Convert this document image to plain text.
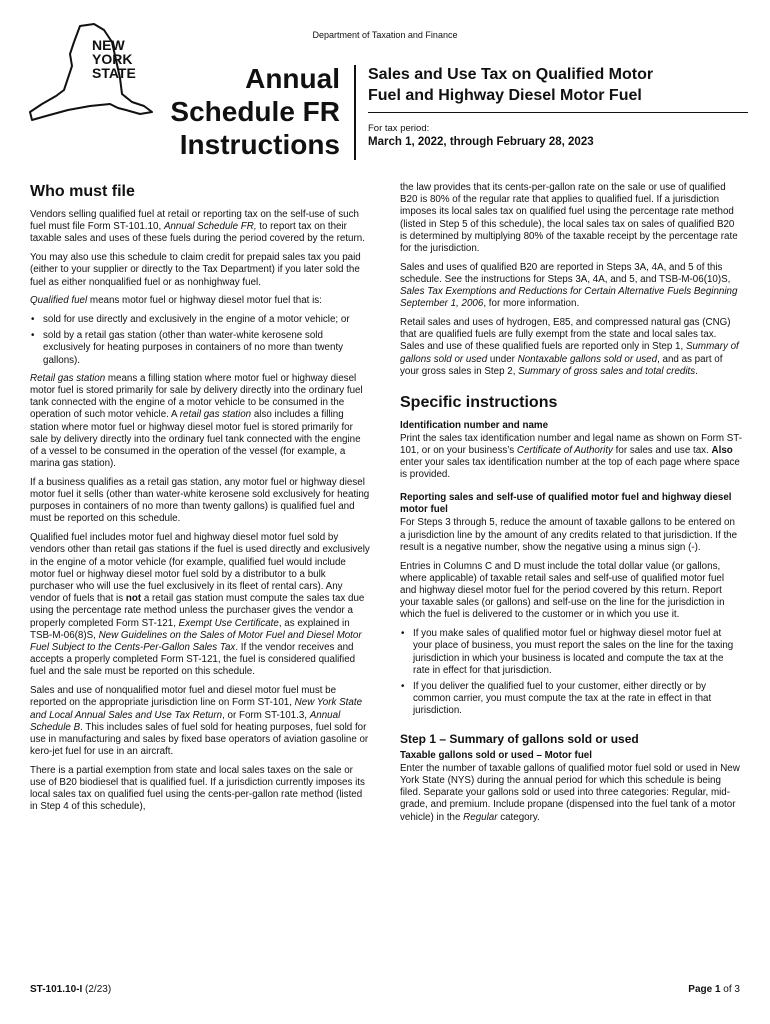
Department of Taxation and Finance
NEW
YORK
STATE	Annual
Schedule FR
Instructions
Sales and Use Tax on Qualified Motor
Fuel and Highway Diesel Motor Fuel
For tax period:
March 1, 2022, through February 28, 2023
Who must file

Vendors selling qualified fuel at retail or reporting tax on the self-use of such fuel must file Form ST-101.10, Annual Schedule FR, to report tax on their taxable sales and uses of these fuels during the period covered by the return.

You may also use this schedule to claim credit for prepaid sales tax you paid (either to your supplier or directly to the Tax Department) if you later sold the fuel as either nonqualified fuel or as nonhighway fuel.

Qualified fuel means motor fuel or highway diesel motor fuel that is:

• sold for use directly and exclusively in the engine of a motor vehicle; or
• sold by a retail gas station (other than water-white kerosene sold exclusively for heating purposes in containers of no more than twenty gallons).

Retail gas station means a filling station where motor fuel or highway diesel motor fuel is stored primarily for sale by delivery directly into the ordinary fuel tank connected with the engine of a motor vehicle to be consumed in the operation of such motor vehicle. A retail gas station also includes a filling station where motor fuel or highway diesel motor fuel is stored primarily for sale by delivery directly into the ordinary fuel tank connected with the engine of a vessel to be consumed in the operation of the vessel (for example, a marina gas station).

If a business qualifies as a retail gas station, any motor fuel or highway diesel motor fuel it sells (other than water-white kerosene sold exclusively for heating purposes in containers of no more than twenty gallons) is qualified fuel and must be reported on this schedule.

Qualified fuel includes motor fuel and highway diesel motor fuel sold by vendors other than retail gas stations if the fuel is used directly and exclusively in the engine of a motor vehicle (for example, qualified fuel would include motor fuel or highway diesel motor fuel sold by a distributor to a bulk purchaser who will use the fuel exclusively in its fleet of rental cars). Any vendor of fuels that is not a retail gas station must compute the sales tax due using the percentage rate method unless the purchaser gives the vendor a properly completed Form ST-121, Exempt Use Certificate, as explained in TSB-M-06(8)S, New Guidelines on the Sales of Motor Fuel and Diesel Motor Fuel Subject to the Cents-Per-Gallon Sales Tax. If the vendor receives and accepts a properly completed Form ST-121, the fuel is considered qualified fuel and the sale must be reported on this schedule.

Sales and use of nonqualified motor fuel and diesel motor fuel must be reported on the appropriate jurisdiction line on Form ST-101, New York State and Local Annual Sales and Use Tax Return, or Form ST-101.3, Annual Schedule B. This includes sales of fuel sold for heating purposes, fuel sold for use in manufacturing and sales by fixed base operators of aviation gasoline or kero-jet fuel for use in an aircraft.

There is a partial exemption from state and local sales taxes on the sale or use of B20 biodiesel that is qualified fuel. If a jurisdiction currently imposes its local sales tax on qualified fuel using the cents-per-gallon rate method (listed in Step 4 of this schedule),

the law provides that its cents-per-gallon rate on the sale or use of qualified B20 is 80% of the regular rate that applies to qualified fuel. If a jurisdiction imposes its local sales tax on qualified fuel using the percentage rate method (listed in Step 5 of this schedule), the local sales tax on sales of qualified B20 is determined by multiplying 80% of the taxable receipt by the percentage rate for the jurisdiction.

Sales and uses of qualified B20 are reported in Steps 3A, 4A, and 5 of this schedule. See the instructions for Steps 3A, 4A, and 5, and TSB-M-06(10)S, Sales Tax Exemptions and Reductions for Certain Alternative Fuels Beginning September 1, 2006, for more information.

Retail sales and uses of hydrogen, E85, and compressed natural gas (CNG) that are qualified fuels are fully exempt from the state and local sales tax. Sales and use of these qualified fuels are reported only in Step 1, Summary of gallons sold or used under Nontaxable gallons sold or used, and as part of your gross sales in Step 2, Summary of gross sales and total credits.

Specific instructions
Identification number and name

Print the sales tax identification number and legal name as shown on Form ST-101, or on your business’s Certificate of Authority for sales and use tax. Also enter your sales tax identification number at the top of each page where space is provided.

Reporting sales and self-use of qualified motor fuel and highway diesel motor fuel

For Steps 3 through 5, reduce the amount of taxable gallons to be entered on a jurisdiction line by the amount of any credits related to that jurisdiction. If the result is a negative number, show the negative using a minus sign (-).

Entries in Columns C and D must include the total dollar value (or gallons, where applicable) of taxable retail sales and self-use of qualified motor fuel and highway diesel motor fuel for the period covered by this return. Report your taxable sales (or gallons) and self-use on the line for the jurisdiction in which the fuel is delivered to the customer or in which you use it.

• If you make sales of qualified motor fuel or highway diesel motor fuel at your place of business, you must report the sales on the line for the taxing jurisdiction in which your business is located and compute the tax at the rate in effect for that jurisdiction.
• If you deliver the qualified fuel to your customer, either directly or by common carrier, you must compute the tax at the rate in effect in that jurisdiction.
Step 1 – Summary of gallons sold or used
Taxable gallons sold or used – Motor fuel

Enter the number of taxable gallons of qualified motor fuel sold or used in New York State (NYS) during the annual period for which this schedule is being filed. Separate your gallons sold or used into three categories: Regular, mid-grade, and premium. Include propane (dispensed into the fuel tank of a motor vehicle) in the Regular category.

ST-101.10-I (2/23)	Page 1 of 3
